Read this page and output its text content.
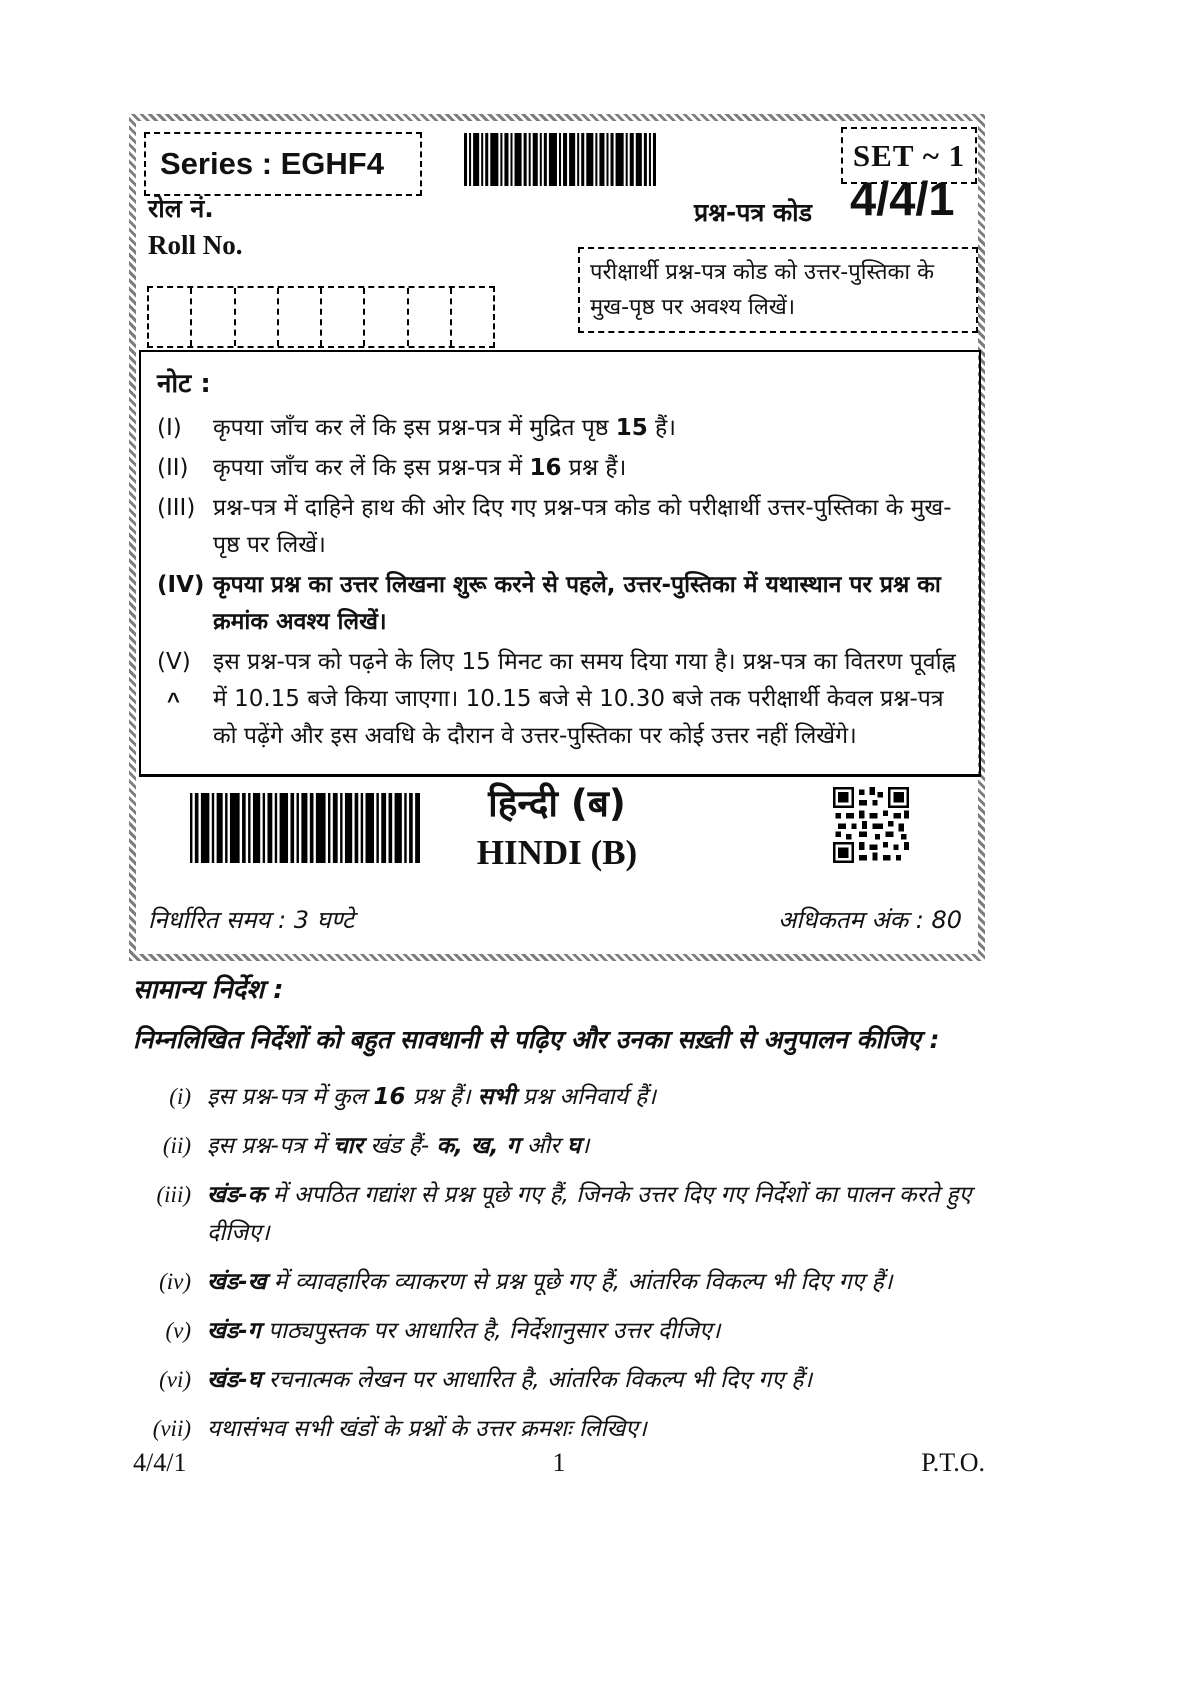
Series : EGHF4	SET ~ 1
रोल नं.
Roll No.
प्रश्न-पत्र कोड 4/4/1
परीक्षार्थी प्रश्न-पत्र कोड को उत्तर-पुस्तिका के मुख-पृष्ठ पर अवश्य लिखें।
नोट :
(I)	कृपया जाँच कर लें कि इस प्रश्न-पत्र में मुद्रित पृष्ठ 15 हैं।
(II)	कृपया जाँच कर लें कि इस प्रश्न-पत्र में 16 प्रश्न हैं।
(III) प्रश्न-पत्र में दाहिने हाथ की ओर दिए गए प्रश्न-पत्र कोड को परीक्षार्थी उत्तर-पुस्तिका के मुख-पृष्ठ पर लिखें।
(IV) कृपया प्रश्न का उत्तर लिखना शुरू करने से पहले, उत्तर-पुस्तिका में यथास्थान पर प्रश्न का क्रमांक अवश्य लिखें।
(V) इस प्रश्न-पत्र को पढ़ने के लिए 15 मिनट का समय दिया गया है। प्रश्न-पत्र का वितरण पूर्वाह्न में 10.15 बजे किया जाएगा। 10.15 बजे से 10.30 बजे तक परीक्षार्थी केवल प्रश्न-पत्र को पढ़ेंगे और इस अवधि के दौरान वे उत्तर-पुस्तिका पर कोई उत्तर नहीं लिखेंगे।
^
हिन्दी (ब)
HINDI (B)
निर्धारित समय : 3 घण्टे	अधिकतम अंक : 80
सामान्य निर्देश :
निम्नलिखित निर्देशों को बहुत सावधानी से पढ़िए और उनका सख़्ती से अनुपालन कीजिए :
(i) इस प्रश्न-पत्र में कुल 16 प्रश्न हैं। सभी प्रश्न अनिवार्य हैं।
(ii) इस प्रश्न-पत्र में चार खंड हैं- क, ख, ग और घ।
(iii) खंड-क में अपठित गद्यांश से प्रश्न पूछे गए हैं, जिनके उत्तर दिए गए निर्देशों का पालन करते हुए दीजिए।
(iv) खंड-ख में व्यावहारिक व्याकरण से प्रश्न पूछे गए हैं, आंतरिक विकल्प भी दिए गए हैं।
(v) खंड-ग पाठ्यपुस्तक पर आधारित है, निर्देशानुसार उत्तर दीजिए।
(vi) खंड-घ रचनात्मक लेखन पर आधारित है, आंतरिक विकल्प भी दिए गए हैं।
(vii) यथासंभव सभी खंडों के प्रश्नों के उत्तर क्रमशः लिखिए।
1
4/4/1	P.T.O.
